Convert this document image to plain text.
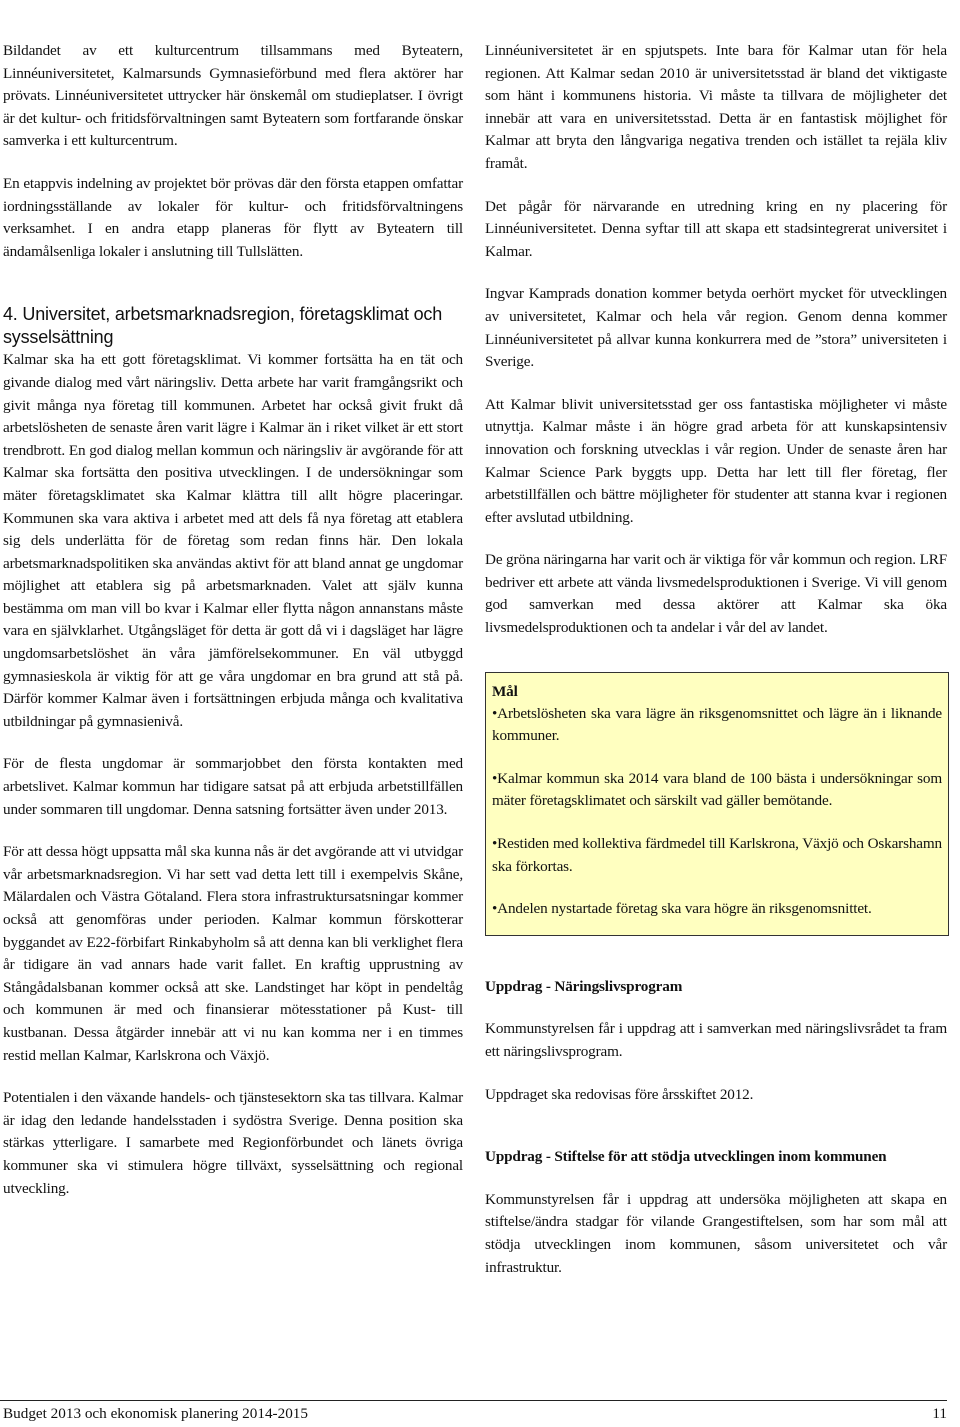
Bildandet av ett kulturcentrum tillsammans med Byteatern, Linnéuniversitetet, Kalmarsunds Gymnasieförbund med flera aktörer har prövats. Linnéuniversitetet uttrycker här önskemål om studieplatser. I övrigt är det kultur- och fritidsförvaltningen samt Byteatern som fortfarande önskar samverka i ett kulturcentrum.

En etappvis indelning av projektet bör prövas där den första etappen omfattar iordningsställande av lokaler för kultur- och fritidsförvaltningens verksamhet. I en andra etapp planeras för flytt av Byteatern till ändamålsenliga lokaler i anslutning till Tullslätten.

4. Universitet, arbetsmarknadsregion, företagsklimat och sysselsättning

Kalmar ska ha ett gott företagsklimat. Vi kommer fortsätta ha en tät och givande dialog med vårt näringsliv. Detta arbete har varit framgångsrikt och givit många nya företag till kommunen. Arbetet har också givit frukt då arbetslösheten de senaste åren varit lägre i Kalmar än i riket vilket är ett stort trendbrott. En god dialog mellan kommun och näringsliv är avgörande för att Kalmar ska fortsätta den positiva utvecklingen. I de undersökningar som mäter företagsklimatet ska Kalmar klättra till allt högre placeringar. Kommunen ska vara aktiva i arbetet med att dels få nya företag att etablera sig dels underlätta för de företag som redan finns här. Den lokala arbetsmarknadspolitiken ska användas aktivt för att bland annat ge ungdomar möjlighet att etablera sig på arbetsmarknaden. Valet att själv kunna bestämma om man vill bo kvar i Kalmar eller flytta någon annanstans måste vara en självklarhet. Utgångsläget för detta är gott då vi i dagsläget har lägre ungdomsarbetslöshet än våra jämförelsekommuner. En väl utbyggd gymnasieskola är viktig för att ge våra ungdomar en bra grund att stå på. Därför kommer Kalmar även i fortsättningen erbjuda många och kvalitativa utbildningar på gymnasienivå.

För de flesta ungdomar är sommarjobbet den första kontakten med arbetslivet. Kalmar kommun har tidigare satsat på att erbjuda arbetstillfällen under sommaren till ungdomar. Denna satsning fortsätter även under 2013.

För att dessa högt uppsatta mål ska kunna nås är det avgörande att vi utvidgar vår arbetsmarknadsregion. Vi har sett vad detta lett till i exempelvis Skåne, Mälardalen och Västra Götaland. Flera stora infrastruktursatsningar kommer också att genomföras under perioden. Kalmar kommun förskotterar byggandet av E22-förbifart Rinkabyholm så att denna kan bli verklighet flera år tidigare än vad annars hade varit fallet. En kraftig upprustning av Stångådalsbanan kommer också att ske. Landstinget har köpt in pendeltåg och kommunen är med och finansierar mötesstationer på Kust- till kustbanan. Dessa åtgärder innebär att vi nu kan komma ner i en timmes restid mellan Kalmar, Karlskrona och Växjö.

Potentialen i den växande handels- och tjänstesektorn ska tas tillvara. Kalmar är idag den ledande handelsstaden i sydöstra Sverige. Denna position ska stärkas ytterligare. I samarbete med Regionförbundet och länets övriga kommuner ska vi stimulera högre tillväxt, sysselsättning och regional utveckling.

Linnéuniversitetet är en spjutspets. Inte bara för Kalmar utan för hela regionen. Att Kalmar sedan 2010 är universitetsstad är bland det viktigaste som hänt i kommunens historia. Vi måste ta tillvara de möjligheter det innebär att vara en universitetsstad. Detta är en fantastisk möjlighet för Kalmar att bryta den långvariga negativa trenden och istället ta rejäla kliv framåt.

Det pågår för närvarande en utredning kring en ny placering för Linnéuniversitetet. Denna syftar till att skapa ett stadsintegrerat universitet i Kalmar.

Ingvar Kamprads donation kommer betyda oerhört mycket för utvecklingen av universitetet, Kalmar och hela vår region. Genom denna kommer Linnéuniversitetet på allvar kunna konkurrera med de ”stora” universiteten i Sverige.

Att Kalmar blivit universitetsstad ger oss fantastiska möjligheter vi måste utnyttja. Kalmar måste i än högre grad arbeta för att kunskapsintensiv innovation och forskning utvecklas i vår region. Under de senaste åren har Kalmar Science Park byggts upp. Detta har lett till fler företag, fler arbetstillfällen och bättre möjligheter för studenter att stanna kvar i regionen efter avslutad utbildning.

De gröna näringarna har varit och är viktiga för vår kommun och region. LRF bedriver ett arbete att vända livsmedelsproduktionen i Sverige. Vi vill genom god samverkan med dessa aktörer att Kalmar ska öka livsmedelsproduktionen och ta andelar i vår del av landet.

Mål

• Arbetslösheten ska vara lägre än riksgenomsnittet och lägre än i liknande kommuner.
• Kalmar kommun ska 2014 vara bland de 100 bästa i undersökningar som mäter företagsklimatet och särskilt vad gäller bemötande.
• Restiden med kollektiva färdmedel till Karlskrona, Växjö och Oskarshamn ska förkortas.
• Andelen nystartade företag ska vara högre än riksgenomsnittet.

Uppdrag - Näringslivsprogram

Kommunstyrelsen får i uppdrag att i samverkan med näringslivsrådet ta fram ett näringslivsprogram.

Uppdraget ska redovisas före årsskiftet 2012.

Uppdrag - Stiftelse för att stödja utvecklingen inom kommunen

Kommunstyrelsen får i uppdrag att undersöka möjligheten att skapa en stiftelse/ändra stadgar för vilande Grangestiftelsen, som har som mål att stödja utvecklingen inom kommunen, såsom universitetet och vår infrastruktur.

Budget 2013 och ekonomisk planering 2014-2015	11
